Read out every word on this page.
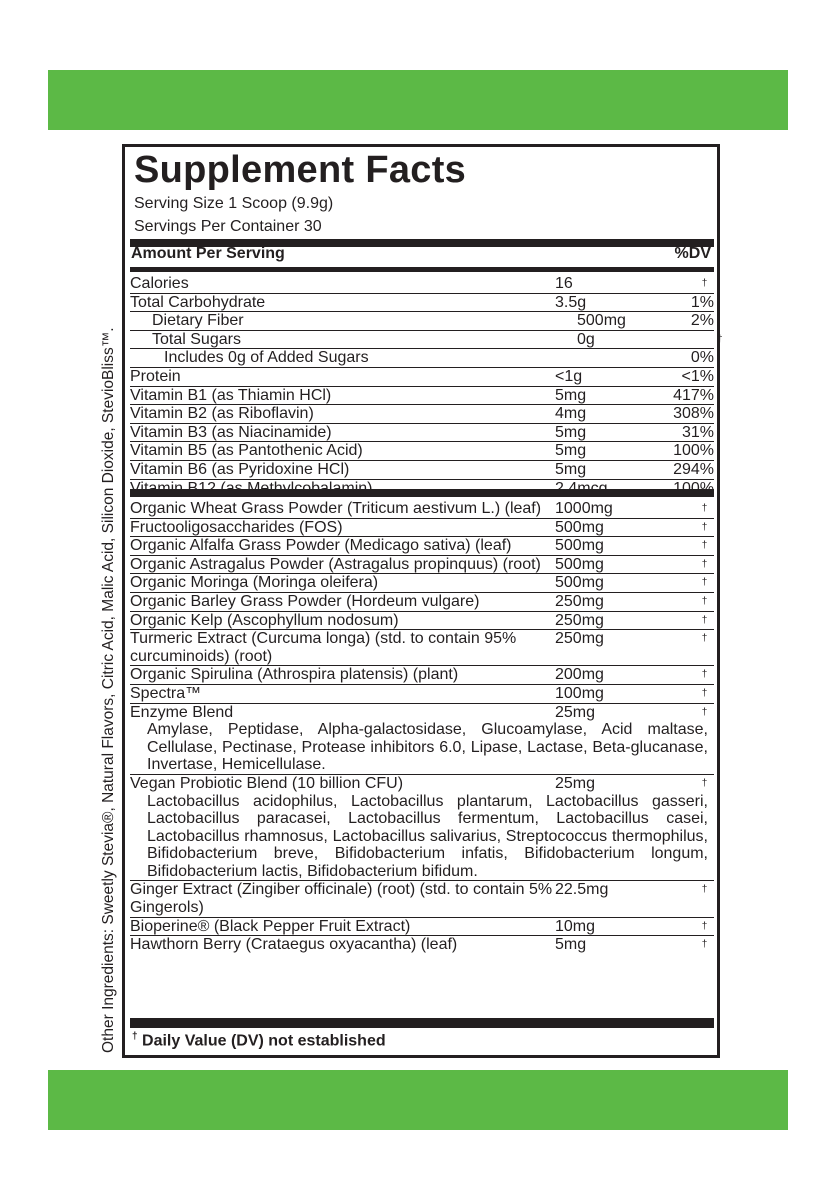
Other Ingredients: Sweetly Stevia®, Natural Flavors, Citric Acid, Malic Acid, Silicon Dioxide, StevioBliss™.
Supplement Facts
Serving Size 1 Scoop (9.9g)
Servings Per Container 30
Amount Per Serving	%DV
Calories	16	†
Total Carbohydrate	3.5g	1%
Dietary Fiber	500mg	2%
Total Sugars	0g	†
Includes 0g of Added Sugars	0%
Protein	<1g	<1%
Vitamin B1 (as Thiamin HCl)	5mg	417%
Vitamin B2 (as Riboflavin)	4mg	308%
Vitamin B3 (as Niacinamide)	5mg	31%
Vitamin B5 (as Pantothenic Acid)	5mg	100%
Vitamin B6 (as Pyridoxine HCl)	5mg	294%
Organic Wheat Grass Powder (Triticum aestivum L.) (leaf) 1000mg	†
Fructooligosaccharides (FOS)	500mg	†
Organic Alfalfa Grass Powder (Medicago sativa) (leaf)	500mg	†
Organic Astragalus Powder (Astragalus propinquus) (root) 500mg	†
Organic Moringa (Moringa oleifera)	500mg	†
Organic Barley Grass Powder (Hordeum vulgare)	250mg	†
Organic Kelp (Ascophyllum nodosum)	250mg	†
Turmeric Extract (Curcuma longa) (std. to contain 95% curcuminoids) (root)
250mg	†
Organic Spirulina (Athrospira platensis) (plant)	200mg	†
Spectra™	100mg	†
Enzyme Blend	25mg	†
Amylase, Peptidase, Alpha-galactosidase, Glucoamylase, Acid maltase, Cellulase, Pectinase, Protease inhibitors 6.0, Lipase, Lactase, Beta-glucanase, Invertase, Hemicellulase.
Vegan Probiotic Blend (10 billion CFU)	25mg	†
Lactobacillus acidophilus, Lactobacillus plantarum, Lactobacillus gasseri, Lactobacillus paracasei, Lactobacillus fermentum, Lactobacillus casei, Lactobacillus rhamnosus, Lactobacillus salivarius, Streptococcus thermophilus, Bifidobacterium breve, Bifidobacterium infatis, Bifidobacterium longum, Bifidobacterium lactis, Bifidobacterium bifidum.
Ginger Extract (Zingiber officinale) (root) (std. to contain 5% Gingerols)
22.5mg	†
Bioperine® (Black Pepper Fruit Extract)	10mg	†
Hawthorn Berry (Crataegus oxyacantha) (leaf)	5mg	†
† Daily Value (DV) not established
